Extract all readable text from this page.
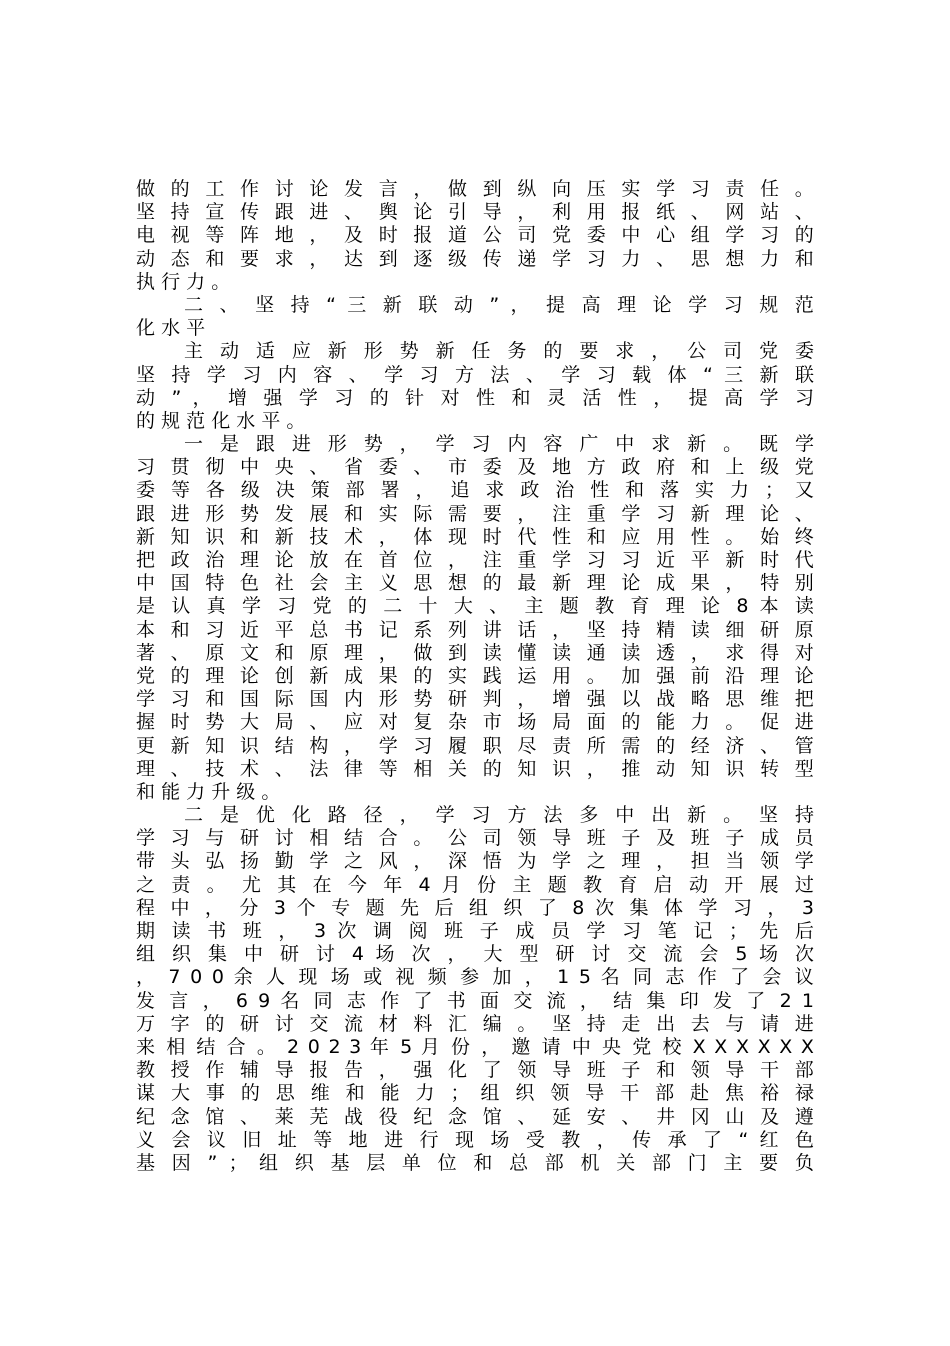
做 的 工 作 讨 论 发 言 ， 做 到 纵 向 压 实 学 习 责 任 。
坚 持 宣 传 跟 进 、 舆 论 引 导 ， 利 用 报 纸 、 网 站 、
电 视 等 阵 地 ， 及 时 报 道 公 司 党 委 中 心 组 学 习 的
动 态 和 要 求 ， 达 到 逐 级 传 递 学 习 力 、 思 想 力 和
执 行 力 。
二 、 坚 持 “ 三 新 联 动 ” ， 提 高 理 论 学 习 规 范
化 水 平
主 动 适 应 新 形 势 新 任 务 的 要 求 ， 公 司 党 委
坚 持 学 习 内 容 、 学 习 方 法 、 学 习 载 体 “ 三 新 联
动 ” ， 增 强 学 习 的 针 对 性 和 灵 活 性 ， 提 高 学 习
的 规 范 化 水 平 。
一 是 跟 进 形 势 ， 学 习 内 容 广 中 求 新 。 既 学
习 贯 彻 中 央 、 省 委 、 市 委 及 地 方 政 府 和 上 级 党
委 等 各 级 决 策 部 署 ， 追 求 政 治 性 和 落 实 力 ； 又
跟 进 形 势 发 展 和 实 际 需 要 ， 注 重 学 习 新 理 论 、
新 知 识 和 新 技 术 ， 体 现 时 代 性 和 应 用 性 。 始 终
把 政 治 理 论 放 在 首 位 ， 注 重 学 习 习 近 平 新 时 代
中 国 特 色 社 会 主 义 思 想 的 最 新 理 论 成 果 ， 特 别
是 认 真 学 习 党 的 二 十 大 、 主 题 教 育 理 论 8 本 读
本 和 习 近 平 总 书 记 系 列 讲 话 ， 坚 持 精 读 细 研 原
著 、 原 文 和 原 理 ， 做 到 读 懂 读 通 读 透 ， 求 得 对
党 的 理 论 创 新 成 果 的 实 践 运 用 。 加 强 前 沿 理 论
学 习 和 国 际 国 内 形 势 研 判 ， 增 强 以 战 略 思 维 把
握 时 势 大 局 、 应 对 复 杂 市 场 局 面 的 能 力 。 促 进
更 新 知 识 结 构 ， 学 习 履 职 尽 责 所 需 的 经 济 、 管
理 、 技 术 、 法 律 等 相 关 的 知 识 ， 推 动 知 识 转 型
和 能 力 升 级 。
二 是 优 化 路 径 ， 学 习 方 法 多 中 出 新 。 坚 持
学 习 与 研 讨 相 结 合 。 公 司 领 导 班 子 及 班 子 成 员
带 头 弘 扬 勤 学 之 风 ， 深 悟 为 学 之 理 ， 担 当 领 学
之 责 。 尤 其 在 今 年 4 月 份 主 题 教 育 启 动 开 展 过
程 中 ， 分 3 个 专 题 先 后 组 织 了 8 次 集 体 学 习 ， 3
期 读 书 班 ， 3 次 调 阅 班 子 成 员 学 习 笔 记 ； 先 后
组 织 集 中 研 讨 4 场 次 ， 大 型 研 讨 交 流 会 5 场 次
， 7 0 0 余 人 现 场 或 视 频 参 加 ， 1 5 名 同 志 作 了 会 议
发 言 ， 6 9 名 同 志 作 了 书 面 交 流 ， 结 集 印 发 了 2 1
万 字 的 研 讨 交 流 材 料 汇 编 。 坚 持 走 出 去 与 请 进
来 相 结 合 。 2 0 2 3 年 5 月 份 ， 邀 请 中 央 党 校 X X X X X X
教 授 作 辅 导 报 告 ， 强 化 了 领 导 班 子 和 领 导 干 部
谋 大 事 的 思 维 和 能 力 ； 组 织 领 导 干 部 赴 焦 裕 禄
纪 念 馆 、 莱 芜 战 役 纪 念 馆 、 延 安 、 井 冈 山 及 遵
义 会 议 旧 址 等 地 进 行 现 场 受 教 ， 传 承 了 “ 红 色
基 因 ” ； 组 织 基 层 单 位 和 总 部 机 关 部 门 主 要 负
